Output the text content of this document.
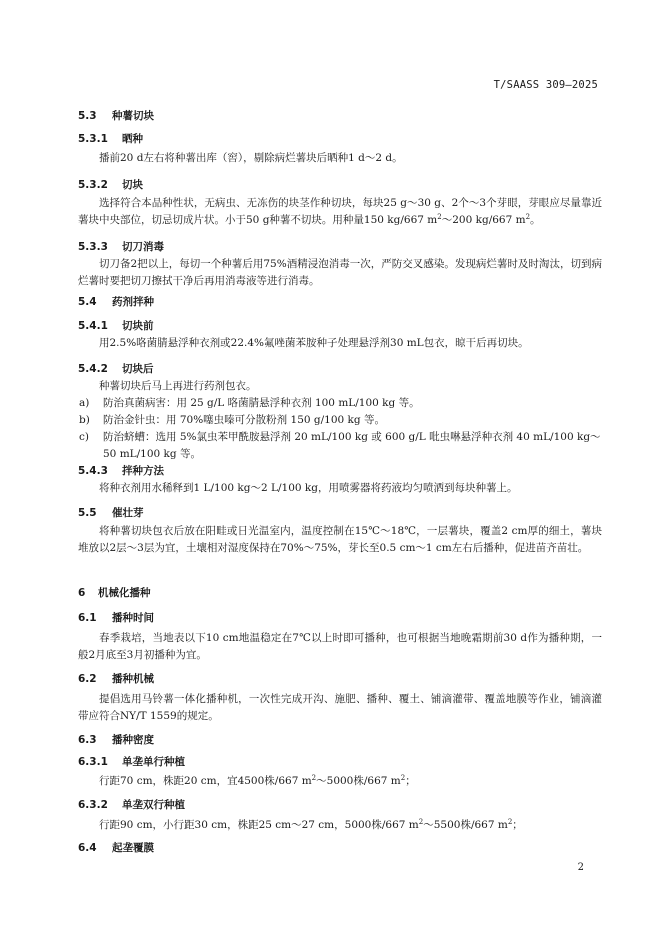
T/SAASS 309—2025
5.3 种薯切块
5.3.1 晒种
播前20 d左右将种薯出库（窖），剔除病烂薯块后晒种1 d～2 d。
5.3.2 切块
选择符合本品种性状，无病虫、无冻伤的块茎作种切块，每块25 g～30 g、2个～3个芽眼，芽眼应尽量靠近薯块中央部位，切忌切成片状。小于50 g种薯不切块。用种量150 kg/667 $m^2\sim 200$ kg/667 $m^2$。
5.3.3 切刀消毒
切刀备2把以上，每切一个种薯后用75%酒精浸泡消毒一次，严防交叉感染。发现病烂薯时及时淘汰，切到病烂薯时要把切刀擦拭干净后再用消毒液等进行消毒。
5.4 药剂拌种
5.4.1 切块前
用2.5%咯菌腈悬浮种衣剂或22.4%氟唑菌苯胺种子处理悬浮剂30 mL包衣，晾干后再切块。
5.4.2 切块后
种薯切块后马上再进行药剂包衣。
a) 防治真菌病害：用 25 g/L 咯菌腈悬浮种衣剂 100 mL/100 kg 等。
b) 防治金针虫：用 70%噻虫嗪可分散粉剂 150 g/100 kg 等。
c) 防治蛴螬：选用 5%氯虫苯甲酰胺悬浮剂 20 mL/100 kg 或 600 g/L 吡虫啉悬浮种衣剂 40 mL/100 kg～50 mL/100 kg 等。
5.4.3 拌种方法
将种衣剂用水稀释到1 L/100 kg～2 L/100 kg，用喷雾器将药液均匀喷洒到每块种薯上。
5.5 催壮芽
将种薯切块包衣后放在阳畦或日光温室内，温度控制在15℃～18℃，一层薯块，覆盖2 cm厚的细土，薯块堆放以2层～3层为宜，土壤相对湿度保持在70%～75%，芽长至0.5 cm～1 cm左右后播种，促进苗齐苗壮。
6 机械化播种
6.1 播种时间
春季栽培，当地表以下10 cm地温稳定在7℃以上时即可播种，也可根据当地晚霜期前30 d作为播种期，一般2月底至3月初播种为宜。
6.2 播种机械
提倡选用马铃薯一体化播种机，一次性完成开沟、施肥、播种、覆土、铺滴灌带、覆盖地膜等作业，铺滴灌带应符合NY/T 1559的规定。
6.3 播种密度
6.3.1 单垄单行种植
行距70 cm，株距20 cm，宜4500株/667 $m^2\sim 5000$株/667 $m^2$；
6.3.2 单垄双行种植
行距90 cm，小行距30 cm，株距25 cm～27 cm，5000株/667 $m^2\sim 5500$株/667 $m^2$；
6.4 起垄覆膜
2
